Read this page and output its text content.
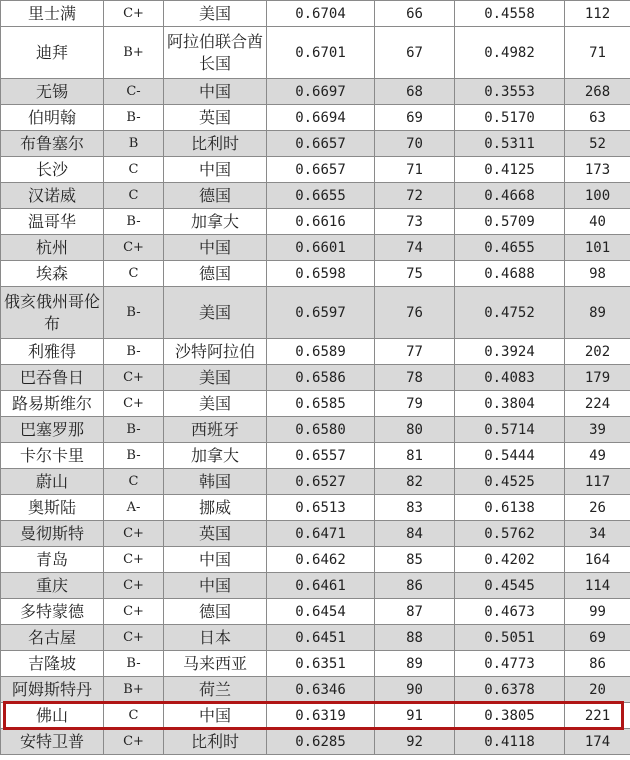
里士满	C+	美国	0.6704	66	0.4558	112
迪拜	B+	阿拉伯联合酋长国	0.6701	67	0.4982	71
无锡	C-	中国	0.6697	68	0.3553	268
伯明翰	B-	英国	0.6694	69	0.5170	63
布鲁塞尔	B	比利时	0.6657	70	0.5311	52
长沙	C	中国	0.6657	71	0.4125	173
汉诺威	C	德国	0.6655	72	0.4668	100
温哥华	B-	加拿大	0.6616	73	0.5709	40
杭州	C+	中国	0.6601	74	0.4655	101
埃森	C	德国	0.6598	75	0.4688	98
俄亥俄州哥伦布	B-	美国	0.6597	76	0.4752	89
利雅得	B-	沙特阿拉伯	0.6589	77	0.3924	202
巴吞鲁日	C+	美国	0.6586	78	0.4083	179
路易斯维尔	C+	美国	0.6585	79	0.3804	224
巴塞罗那	B-	西班牙	0.6580	80	0.5714	39
卡尔卡里	B-	加拿大	0.6557	81	0.5444	49
蔚山	C	韩国	0.6527	82	0.4525	117
奥斯陆	A-	挪威	0.6513	83	0.6138	26
曼彻斯特	C+	英国	0.6471	84	0.5762	34
青岛	C+	中国	0.6462	85	0.4202	164
重庆	C+	中国	0.6461	86	0.4545	114
多特蒙德	C+	德国	0.6454	87	0.4673	99
名古屋	C+	日本	0.6451	88	0.5051	69
吉隆坡	B-	马来西亚	0.6351	89	0.4773	86
阿姆斯特丹	B+	荷兰	0.6346	90	0.6378	20
佛山	C	中国	0.6319	91	0.3805	221
安特卫普	C+	比利时	0.6285	92	0.4118	174
